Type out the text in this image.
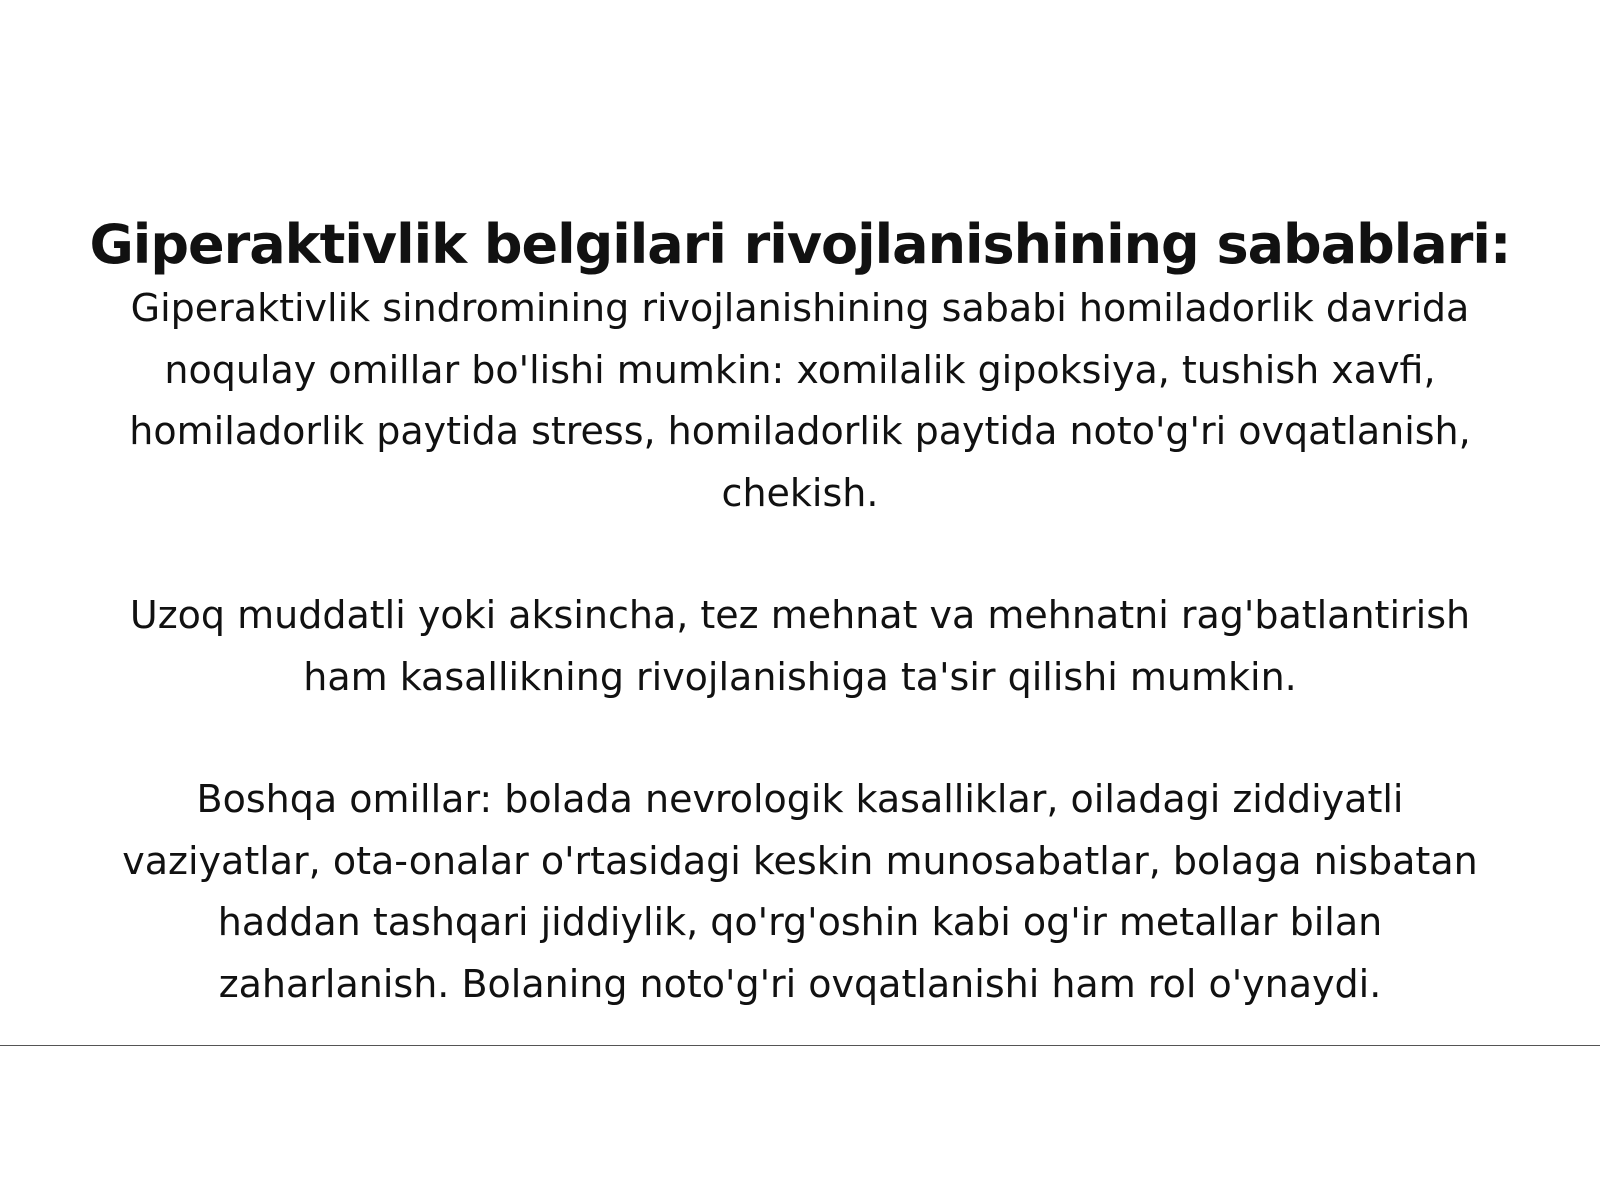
Giperaktivlik belgilari rivojlanishining sabablari:

Giperaktivlik sindromining rivojlanishining sababi homiladorlik davrida noqulay omillar bo'lishi mumkin: xomilalik gipoksiya, tushish xavfi, homiladorlik paytida stress, homiladorlik paytida noto'g'ri ovqatlanish, chekish.

Uzoq muddatli yoki aksincha, tez mehnat va mehnatni rag'batlantirish ham kasallikning rivojlanishiga ta'sir qilishi mumkin.

Boshqa omillar: bolada nevrologik kasalliklar, oiladagi ziddiyatli vaziyatlar, ota-onalar o'rtasidagi keskin munosabatlar, bolaga nisbatan haddan tashqari jiddiylik, qo'rg'oshin kabi og'ir metallar bilan zaharlanish. Bolaning noto'g'ri ovqatlanishi ham rol o'ynaydi.
